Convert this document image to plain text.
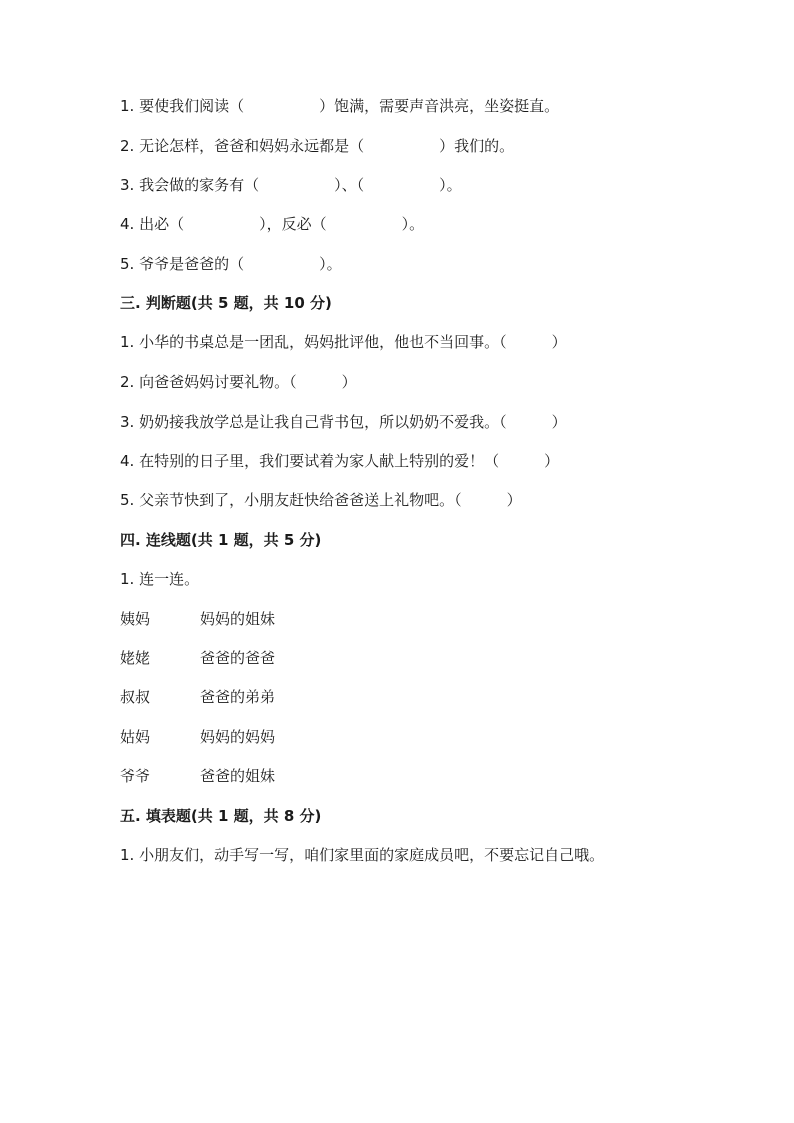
1. 要使我们阅读（　　　　　）饱满，需要声音洪亮，坐姿挺直。
2. 无论怎样，爸爸和妈妈永远都是（　　　　　）我们的。
3. 我会做的家务有（　　　　　）、（　　　　　）。
4. 出必（　　　　　），反必（　　　　　）。
5. 爷爷是爸爸的（　　　　　）。
三. 判断题(共 5 题，共 10 分)
1. 小华的书桌总是一团乱，妈妈批评他，他也不当回事。（　　　）
2. 向爸爸妈妈讨要礼物。（　　　）
3. 奶奶接我放学总是让我自己背书包，所以奶奶不爱我。（　　　）
4. 在特别的日子里，我们要试着为家人献上特别的爱！（　　　）
5. 父亲节快到了，小朋友赶快给爸爸送上礼物吧。（　　　）
四. 连线题(共 1 题，共 5 分)
1. 连一连。
姨妈	妈妈的姐妹
姥姥	爸爸的爸爸
叔叔	爸爸的弟弟
姑妈	妈妈的妈妈
爷爷	爸爸的姐妹
五. 填表题(共 1 题，共 8 分)
1. 小朋友们，动手写一写，咱们家里面的家庭成员吧，不要忘记自己哦。
